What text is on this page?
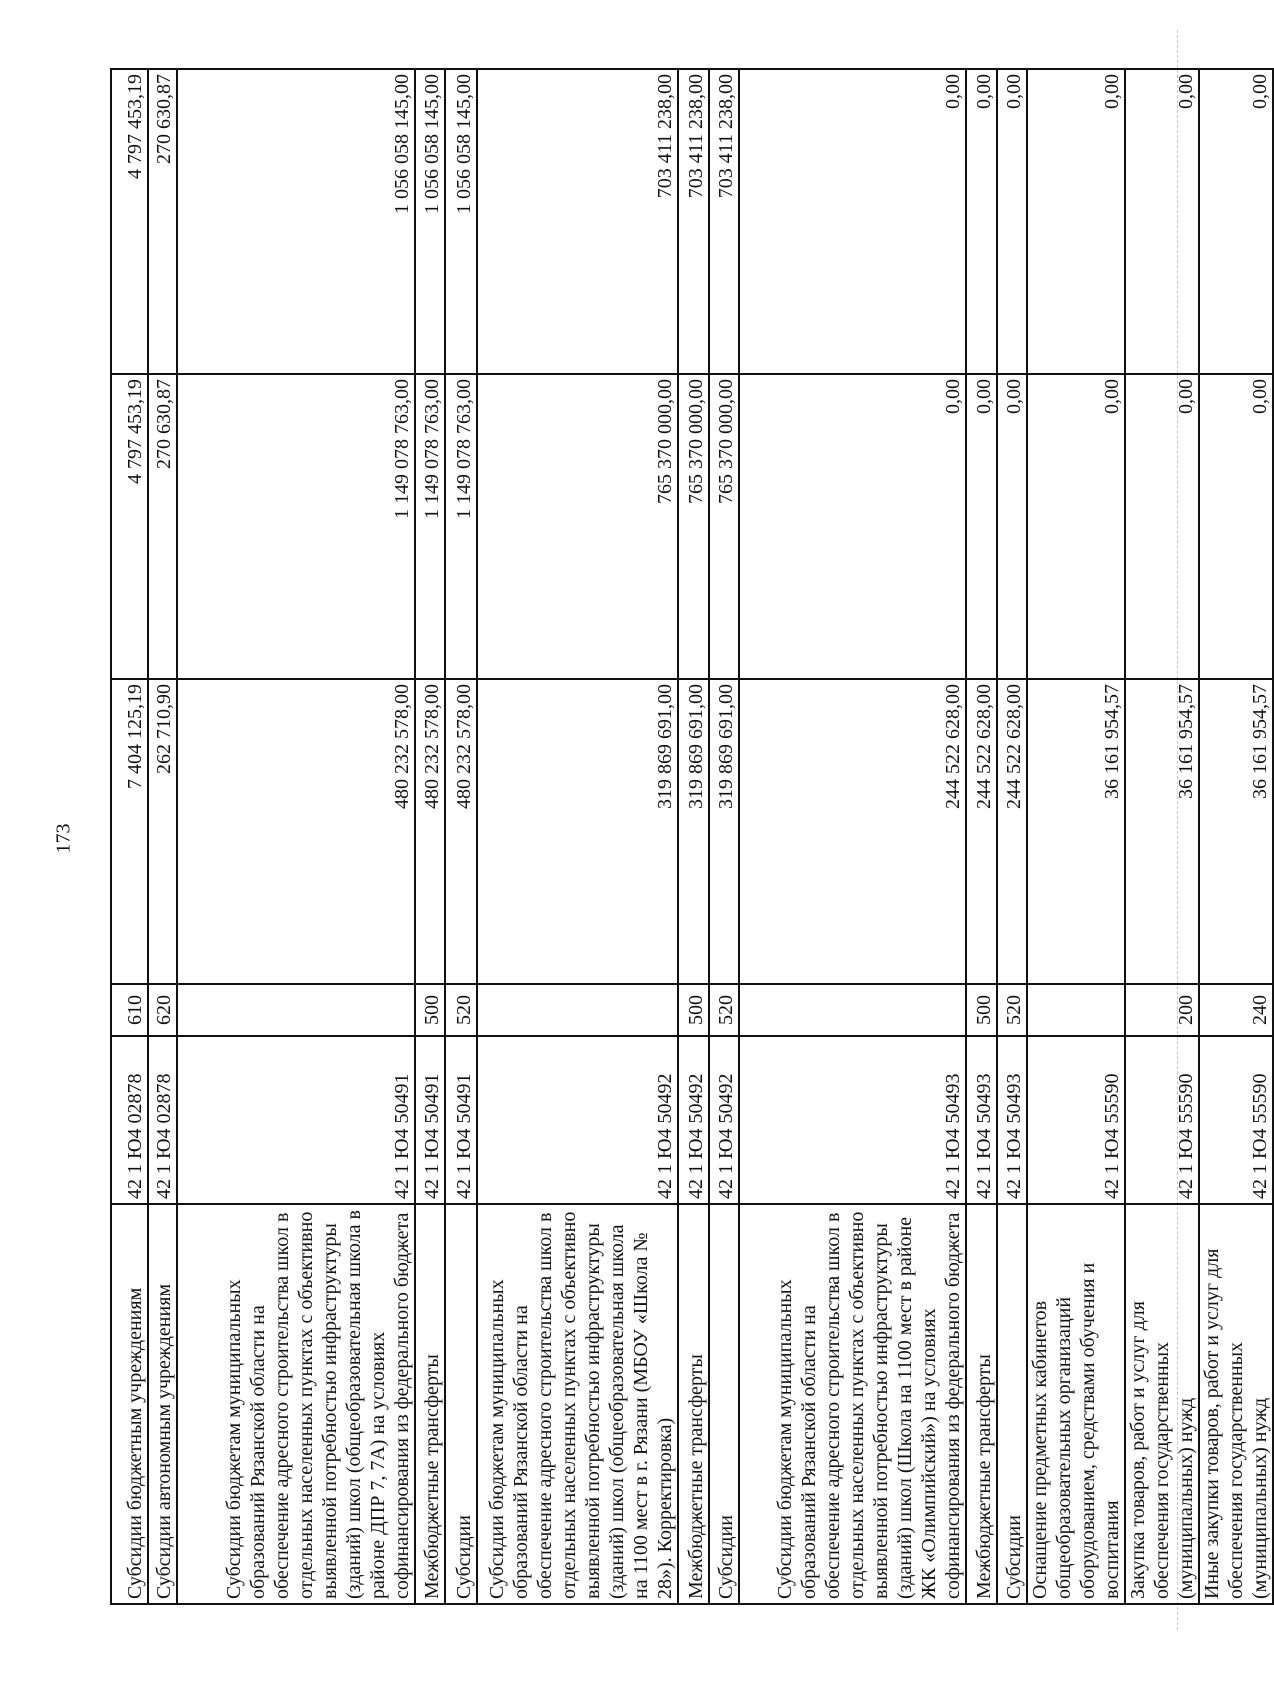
173
Субсидии бюджетным учреждениям	42 1 Ю4 02878	610	7 404 125,19	4 797 453,19	4 797 453,19
Субсидии автономным учреждениям	42 1 Ю4 02878	620	262 710,90	270 630,87	270 630,87
Субсидии бюджетам муниципальных образований Рязанской области на обеспечение адресного строительства школ в отдельных населенных пунктах с объективно выявленной потребностью инфраструктуры (зданий) школ (общеобразовательная школа в районе ДПР 7, 7А) на условиях софинансирования из федерального бюджета	42 1 Ю4 50491		480 232 578,00	1 149 078 763,00	1 056 058 145,00
Межбюджетные трансферты	42 1 Ю4 50491	500	480 232 578,00	1 149 078 763,00	1 056 058 145,00
Субсидии	42 1 Ю4 50491	520	480 232 578,00	1 149 078 763,00	1 056 058 145,00
Субсидии бюджетам муниципальных образований Рязанской области на обеспечение адресного строительства школ в отдельных населенных пунктах с объективно выявленной потребностью инфраструктуры (зданий) школ (общеобразовательная школа на 1100 мест в г. Рязани (МБОУ «Школа № 28»). Корректировка)	42 1 Ю4 50492		319 869 691,00	765 370 000,00	703 411 238,00
Межбюджетные трансферты	42 1 Ю4 50492	500	319 869 691,00	765 370 000,00	703 411 238,00
Субсидии	42 1 Ю4 50492	520	319 869 691,00	765 370 000,00	703 411 238,00
Субсидии бюджетам муниципальных образований Рязанской области на обеспечение адресного строительства школ в отдельных населенных пунктах с объективно выявленной потребностью инфраструктуры (зданий) школ (Школа на 1100 мест в районе ЖК «Олимпийский») на условиях софинансирования из федерального бюджета	42 1 Ю4 50493		244 522 628,00	0,00	0,00
Межбюджетные трансферты	42 1 Ю4 50493	500	244 522 628,00	0,00	0,00
Субсидии	42 1 Ю4 50493	520	244 522 628,00	0,00	0,00
Оснащение предметных кабинетов общеобразовательных организаций оборудованием, средствами обучения и воспитания	42 1 Ю4 55590		36 161 954,57	0,00	0,00
Закупка товаров, работ и услуг для обеспечения государственных (муниципальных) нужд	42 1 Ю4 55590	200	36 161 954,57	0,00	0,00
Иные закупки товаров, работ и услуг для обеспечения государственных (муниципальных) нужд	42 1 Ю4 55590	240	36 161 954,57	0,00	0,00
